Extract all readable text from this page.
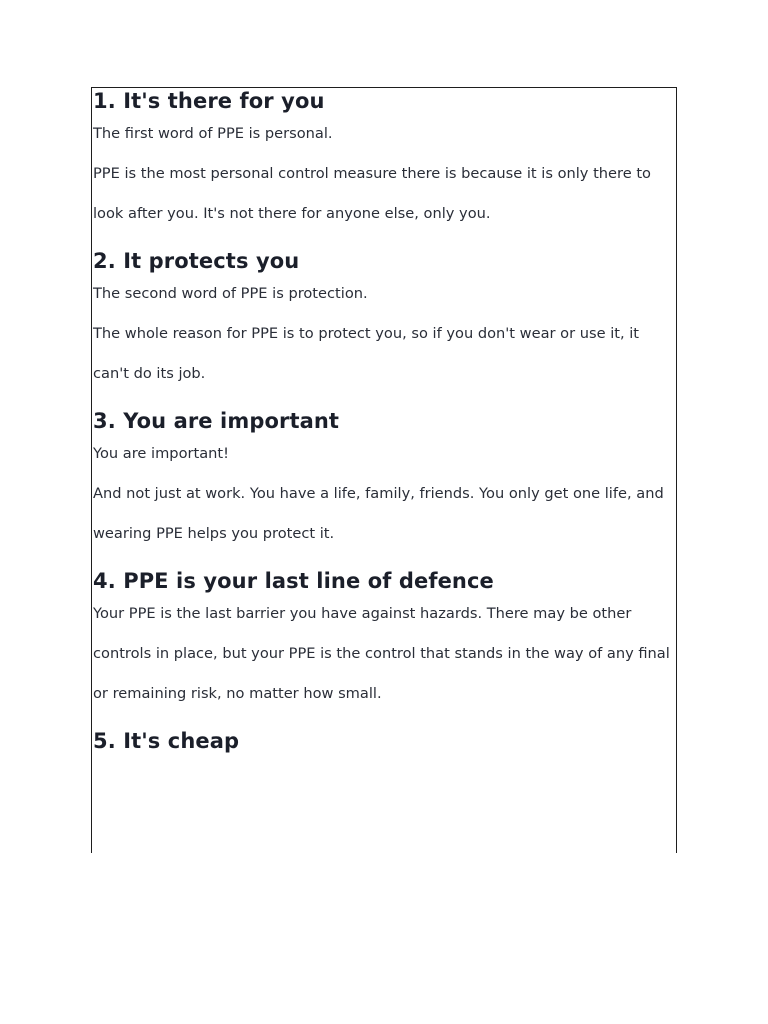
1. It's there for you

The first word of PPE is personal.

PPE is the most personal control measure there is because it is only there to look after you. It's not there for anyone else, only you.

2. It protects you

The second word of PPE is protection.

The whole reason for PPE is to protect you, so if you don't wear or use it, it can't do its job.

3. You are important

You are important!

And not just at work. You have a life, family, friends. You only get one life, and wearing PPE helps you protect it.

4. PPE is your last line of defence

Your PPE is the last barrier you have against hazards. There may be other controls in place, but your PPE is the control that stands in the way of any final or remaining risk, no matter how small.

5. It's cheap
